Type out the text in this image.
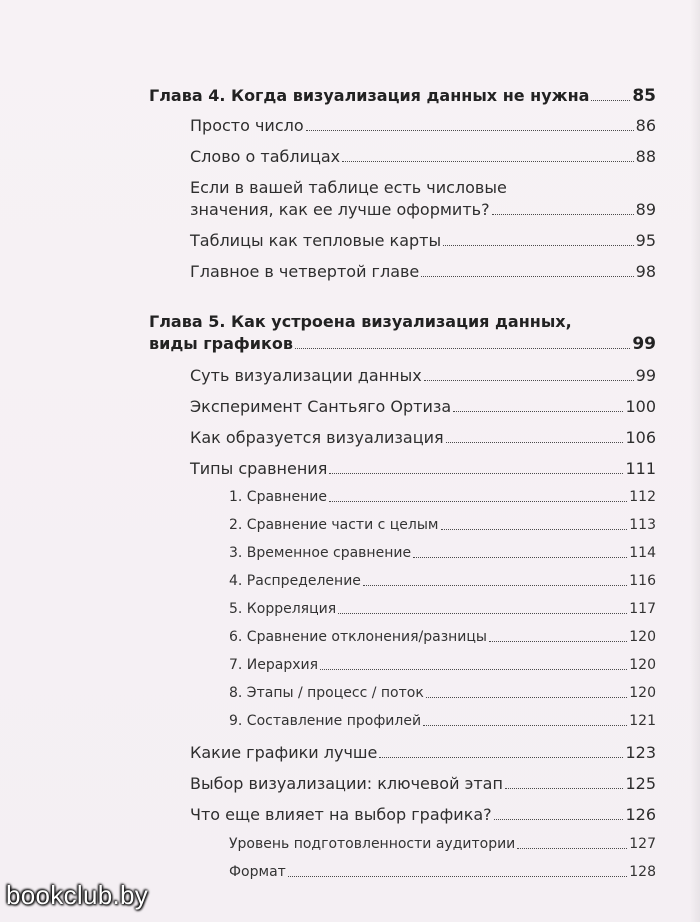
Глава 4. Когда визуализация данных не нужна	85
Просто число	86
Слово о таблицах	88
Если в вашей таблице есть числовые
значения, как ее лучше оформить?	89
Таблицы как тепловые карты	95
Главное в четвертой главе	98
Глава 5. Как устроена визуализация данных,
виды графиков	99
Суть визуализации данных	99
Эксперимент Сантьяго Ортиза	100
Как образуется визуализация	106
Типы сравнения	111
1. Сравнение	112
2. Сравнение части с целым	113
3. Временное сравнение	114
4. Распределение	116
5. Корреляция	117
6. Сравнение отклонения/разницы	120
7. Иерархия	120
8. Этапы / процесс / поток	120
9. Составление профилей	121
Какие графики лучше	123
Выбор визуализации: ключевой этап	125
Что еще влияет на выбор графика?	126
Уровень подготовленности аудитории	127
Формат	128
bookclub.by
